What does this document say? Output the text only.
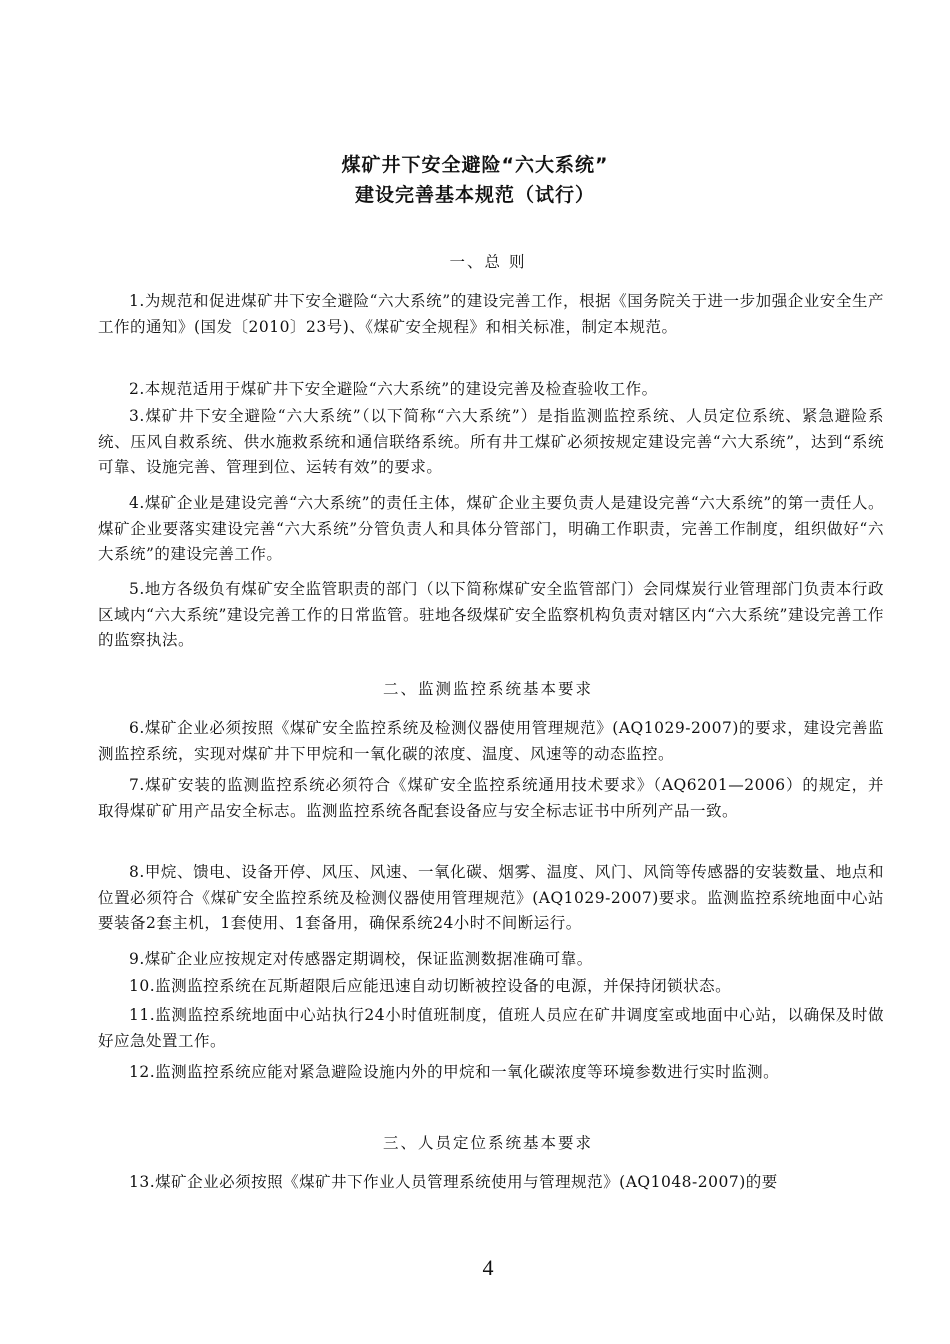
煤矿井下安全避险“六大系统”
建设完善基本规范（试行）
一、总 则
1.为规范和促进煤矿井下安全避险“六大系统”的建设完善工作，根据《国务院关于进一步加强企业安全生产工作的通知》(国发〔2010〕23号)、《煤矿安全规程》和相关标准，制定本规范。
2.本规范适用于煤矿井下安全避险“六大系统”的建设完善及检查验收工作。
3.煤矿井下安全避险“六大系统”（以下简称“六大系统”）是指监测监控系统、人员定位系统、紧急避险系统、压风自救系统、供水施救系统和通信联络系统。所有井工煤矿必须按规定建设完善“六大系统”，达到“系统可靠、设施完善、管理到位、运转有效”的要求。
4.煤矿企业是建设完善“六大系统”的责任主体，煤矿企业主要负责人是建设完善“六大系统”的第一责任人。煤矿企业要落实建设完善“六大系统”分管负责人和具体分管部门，明确工作职责，完善工作制度，组织做好“六大系统”的建设完善工作。
5.地方各级负有煤矿安全监管职责的部门（以下简称煤矿安全监管部门）会同煤炭行业管理部门负责本行政区域内“六大系统”建设完善工作的日常监管。驻地各级煤矿安全监察机构负责对辖区内“六大系统”建设完善工作的监察执法。
二、监测监控系统基本要求
6.煤矿企业必须按照《煤矿安全监控系统及检测仪器使用管理规范》(AQ1029-2007)的要求，建设完善监测监控系统，实现对煤矿井下甲烷和一氧化碳的浓度、温度、风速等的动态监控。
7.煤矿安装的监测监控系统必须符合《煤矿安全监控系统通用技术要求》（AQ6201—2006）的规定，并取得煤矿矿用产品安全标志。监测监控系统各配套设备应与安全标志证书中所列产品一致。
8.甲烷、馈电、设备开停、风压、风速、一氧化碳、烟雾、温度、风门、风筒等传感器的安装数量、地点和位置必须符合《煤矿安全监控系统及检测仪器使用管理规范》(AQ1029-2007)要求。监测监控系统地面中心站要装备2套主机，1套使用、1套备用，确保系统24小时不间断运行。
9.煤矿企业应按规定对传感器定期调校，保证监测数据准确可靠。
10.监测监控系统在瓦斯超限后应能迅速自动切断被控设备的电源，并保持闭锁状态。
11.监测监控系统地面中心站执行24小时值班制度，值班人员应在矿井调度室或地面中心站，以确保及时做好应急处置工作。
12.监测监控系统应能对紧急避险设施内外的甲烷和一氧化碳浓度等环境参数进行实时监测。
三、人员定位系统基本要求
13.煤矿企业必须按照《煤矿井下作业人员管理系统使用与管理规范》(AQ1048-2007)的要
4
